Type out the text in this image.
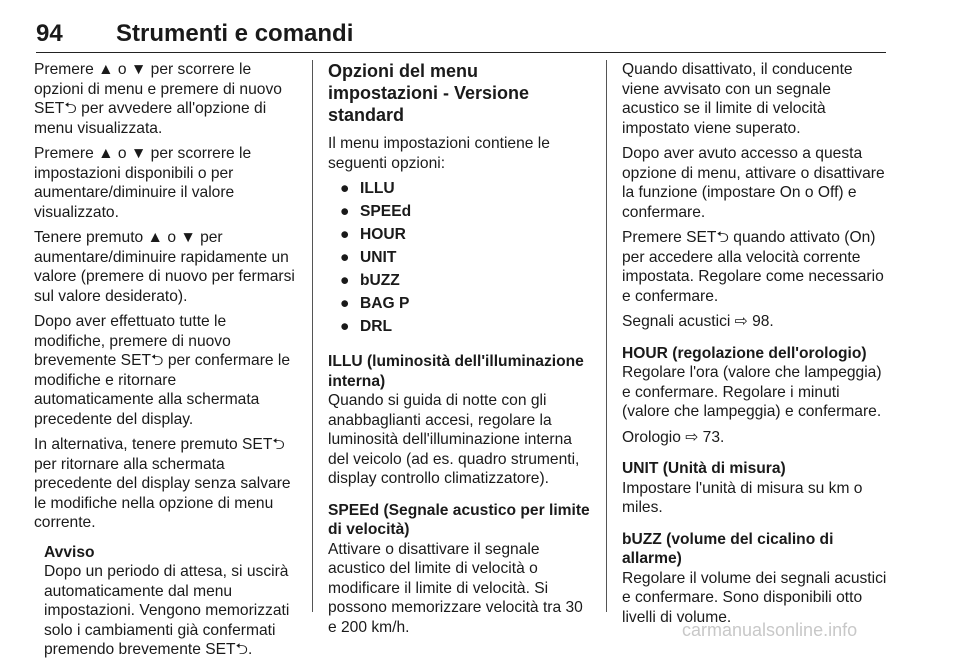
94 Strumenti e comandi

Premere ▲ o ▼ per scorrere le opzioni di menu e premere di nuovo SET⮌ per avvedere all'opzione di menu visualizzata.

Premere ▲ o ▼ per scorrere le impostazioni disponibili o per aumentare/diminuire il valore visualizzato.

Tenere premuto ▲ o ▼ per aumentare/diminuire rapidamente un valore (premere di nuovo per fermarsi sul valore desiderato).

Dopo aver effettuato tutte le modifiche, premere di nuovo brevemente SET⮌ per confermare le modifiche e ritornare automaticamente alla schermata precedente del display.

In alternativa, tenere premuto SET⮌ per ritornare alla schermata precedente del display senza salvare le modifiche nella opzione di menu corrente.

Avviso
Dopo un periodo di attesa, si uscirà automaticamente dal menu impostazioni. Vengono memorizzati solo i cambiamenti già confermati premendo brevemente SET⮌.
Opzioni del menu impostazioni - Versione standard

Il menu impostazioni contiene le seguenti opzioni:

● ILLU
● SPEEd
● HOUR
● UNIT
● bUZZ
● BAG P
● DRL
ILLU (luminosità dell'illuminazione interna)

Quando si guida di notte con gli anabbaglianti accesi, regolare la luminosità dell'illuminazione interna del veicolo (ad es. quadro strumenti, display controllo climatizzatore).

SPEEd (Segnale acustico per limite di velocità)

Attivare o disattivare il segnale acustico del limite di velocità o modificare il limite di velocità. Si possono memorizzare velocità tra 30 e 200 km/h.

Quando disattivato, il conducente viene avvisato con un segnale acustico se il limite di velocità impostato viene superato.

Dopo aver avuto accesso a questa opzione di menu, attivare o disattivare la funzione (impostare On o Off) e confermare.

Premere SET⮌ quando attivato (On) per accedere alla velocità corrente impostata. Regolare come necessario e confermare.

Segnali acustici ⇨ 98.

HOUR (regolazione dell'orologio)

Regolare l'ora (valore che lampeggia) e confermare. Regolare i minuti (valore che lampeggia) e confermare.

Orologio ⇨ 73.

UNIT (Unità di misura)

Impostare l'unità di misura su km o miles.

bUZZ (volume del cicalino di allarme)

Regolare il volume dei segnali acustici e confermare. Sono disponibili otto livelli di volume.

carmanualsonline.info
